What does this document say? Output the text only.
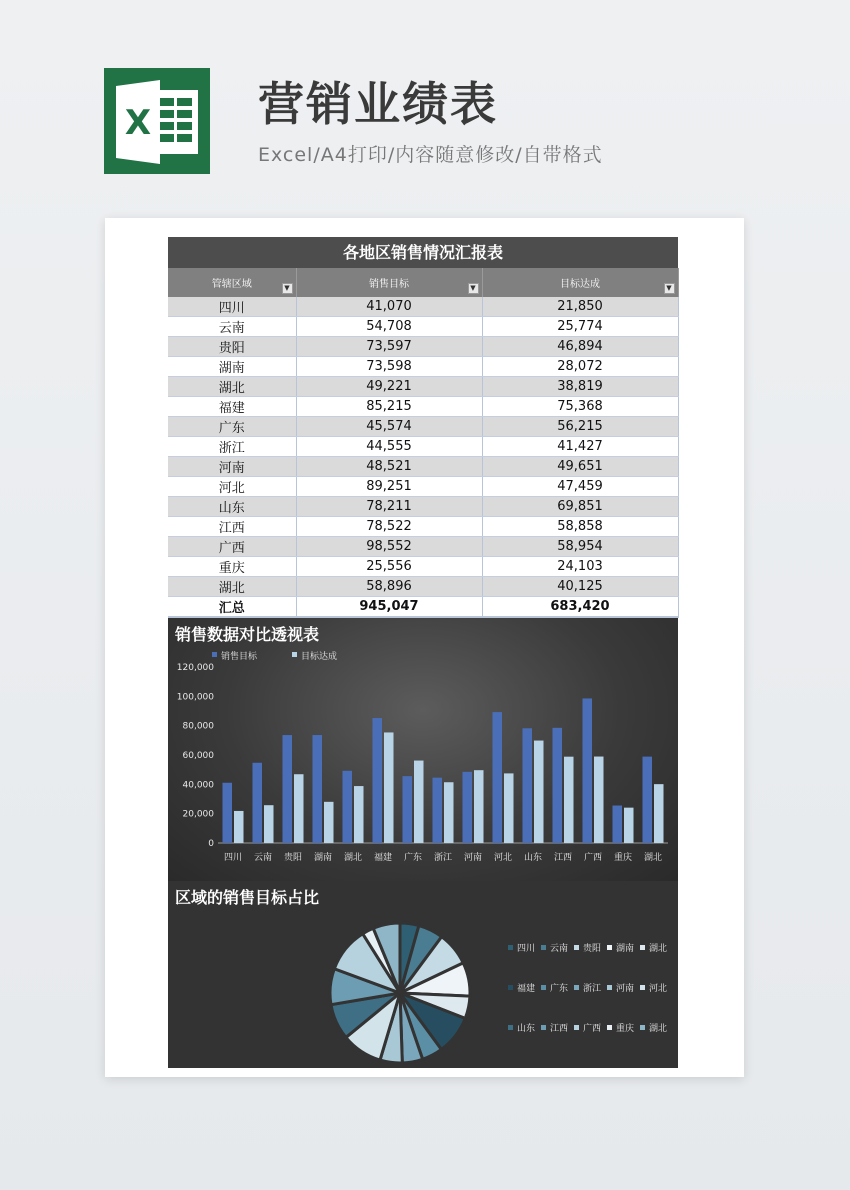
X 营销业绩表
Excel/A4打印/内容随意修改/自带格式
各地区销售情况汇报表
管辖区域 ▼	销售目标 ▼	目标达成 ▼

四川	41,070	21,850
云南	54,708	25,774
贵阳	73,597	46,894
湖南	73,598	28,072
湖北	49,221	38,819
福建	85,215	75,368
广东	45,574	56,215
浙江	44,555	41,427
河南	48,521	49,651
河北	89,251	47,459
山东	78,211	69,851
江西	78,522	58,858
广西	98,552	58,954
重庆	25,556	24,103
湖北	58,896	40,125
汇总	945,047	683,420
销售数据对比透视表
销售目标	目标达成
120,000
100,000
80,000
60,000
40,000
20,000
0
四川 云南 贵阳 湖南 湖北 福建 广东 浙江 河南 河北 山东 江西 广西 重庆 湖北
区域的销售目标占比
四川 云南 贵阳 湖南 湖北
福建 广东 浙江 河南 河北
山东 江西 广西 重庆 湖北
